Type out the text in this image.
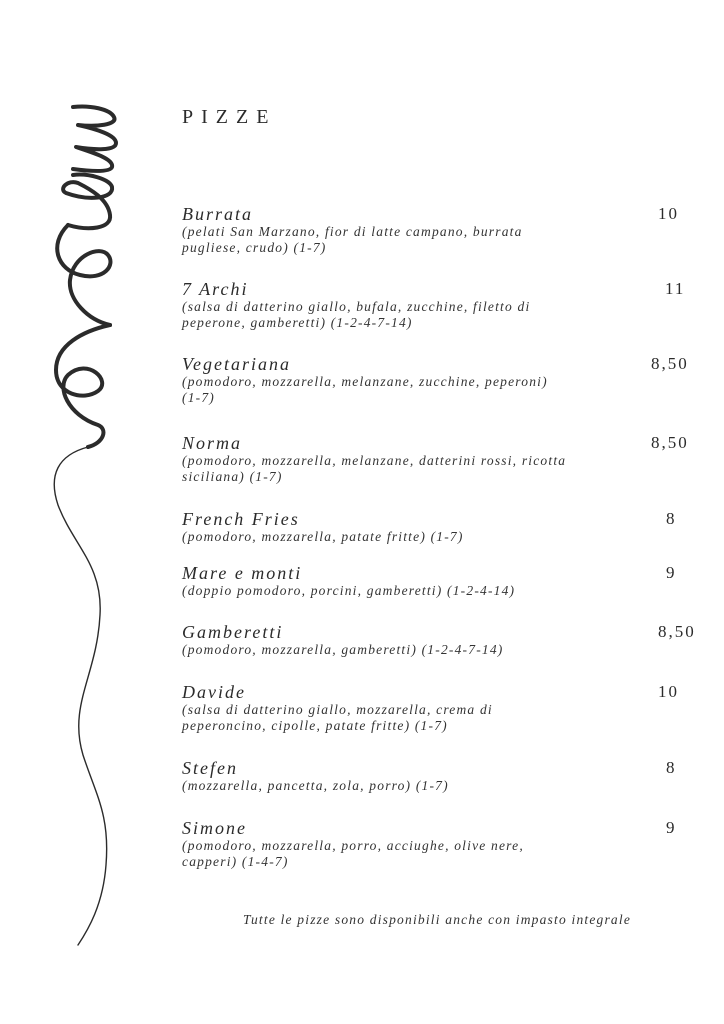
PIZZE
Burrata
(pelati San Marzano, fior di latte campano, burrata pugliese, crudo) (1-7)
10
7 Archi
(salsa di datterino giallo, bufala, zucchine, filetto di peperone, gamberetti) (1-2-4-7-14)
11
Vegetariana
(pomodoro, mozzarella, melanzane, zucchine, peperoni) (1-7)
8,50
Norma
(pomodoro, mozzarella, melanzane, datterini rossi, ricotta siciliana) (1-7)
8,50
French Fries
(pomodoro, mozzarella, patate fritte) (1-7)
8
Mare e monti
(doppio pomodoro, porcini, gamberetti) (1-2-4-14)
9
Gamberetti
(pomodoro, mozzarella, gamberetti) (1-2-4-7-14)
8,50
Davide
(salsa di datterino giallo, mozzarella, crema di peperoncino, cipolle, patate fritte) (1-7)
10
Stefen
(mozzarella, pancetta, zola, porro) (1-7)
8
Simone
(pomodoro, mozzarella, porro, acciughe, olive nere, capperi) (1-4-7)
9
Tutte le pizze sono disponibili anche con impasto integrale
